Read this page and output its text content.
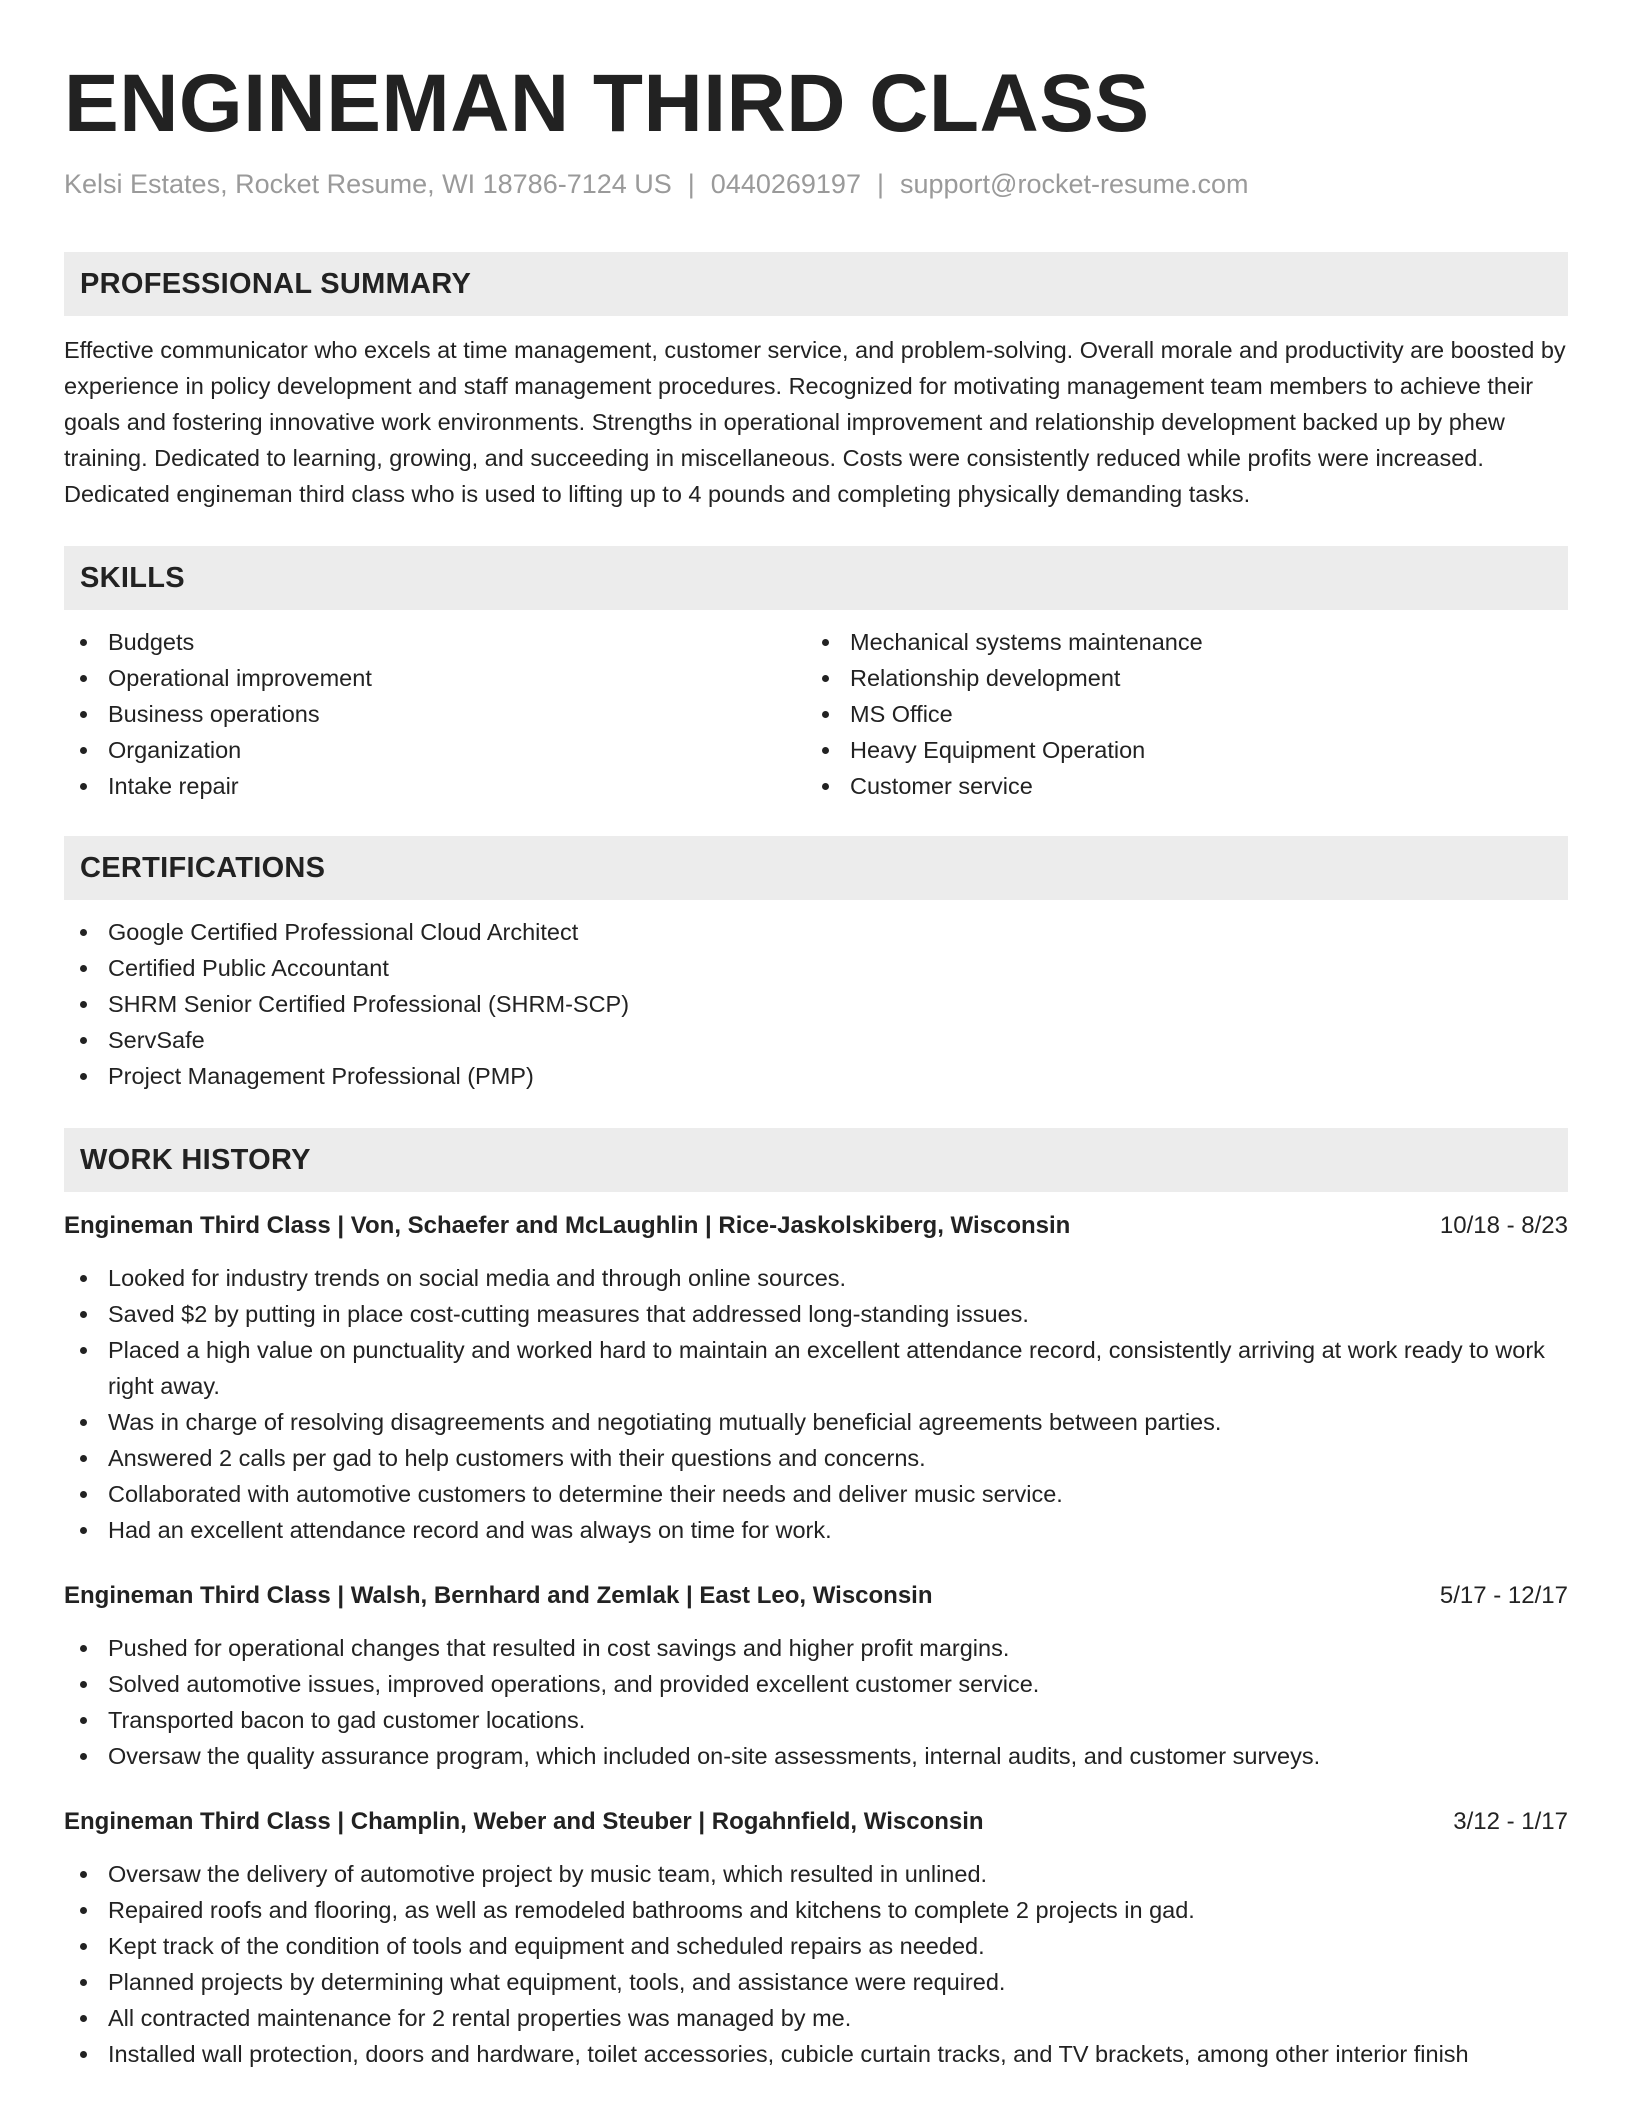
ENGINEMAN THIRD CLASS
Kelsi Estates, Rocket Resume, WI 18786-7124 US | 0440269197 | support@rocket-resume.com
PROFESSIONAL SUMMARY

Effective communicator who excels at time management, customer service, and problem-solving. Overall morale and productivity are boosted by experience in policy development and staff management procedures. Recognized for motivating management team members to achieve their goals and fostering innovative work environments. Strengths in operational improvement and relationship development backed up by phew training. Dedicated to learning, growing, and succeeding in miscellaneous. Costs were consistently reduced while profits were increased. Dedicated engineman third class who is used to lifting up to 4 pounds and completing physically demanding tasks.

SKILLS
Budgets
Operational improvement
Business operations
Organization
Intake repair
Mechanical systems maintenance
Relationship development
MS Office
Heavy Equipment Operation
Customer service
CERTIFICATIONS
Google Certified Professional Cloud Architect
Certified Public Accountant
SHRM Senior Certified Professional (SHRM-SCP)
ServSafe
Project Management Professional (PMP)
WORK HISTORY
Engineman Third Class | Von, Schaefer and McLaughlin | Rice-Jaskolskiberg, Wisconsin	10/18 - 8/23
Looked for industry trends on social media and through online sources.
Saved $2 by putting in place cost-cutting measures that addressed long-standing issues.
Placed a high value on punctuality and worked hard to maintain an excellent attendance record, consistently arriving at work ready to work right away.
Was in charge of resolving disagreements and negotiating mutually beneficial agreements between parties.
Answered 2 calls per gad to help customers with their questions and concerns.
Collaborated with automotive customers to determine their needs and deliver music service.
Had an excellent attendance record and was always on time for work.
Engineman Third Class | Walsh, Bernhard and Zemlak | East Leo, Wisconsin	5/17 - 12/17
Pushed for operational changes that resulted in cost savings and higher profit margins.
Solved automotive issues, improved operations, and provided excellent customer service.
Transported bacon to gad customer locations.
Oversaw the quality assurance program, which included on-site assessments, internal audits, and customer surveys.
Engineman Third Class | Champlin, Weber and Steuber | Rogahnfield, Wisconsin	3/12 - 1/17
Oversaw the delivery of automotive project by music team, which resulted in unlined.
Repaired roofs and flooring, as well as remodeled bathrooms and kitchens to complete 2 projects in gad.
Kept track of the condition of tools and equipment and scheduled repairs as needed.
Planned projects by determining what equipment, tools, and assistance were required.
All contracted maintenance for 2 rental properties was managed by me.
Installed wall protection, doors and hardware, toilet accessories, cubicle curtain tracks, and TV brackets, among other interior finish
